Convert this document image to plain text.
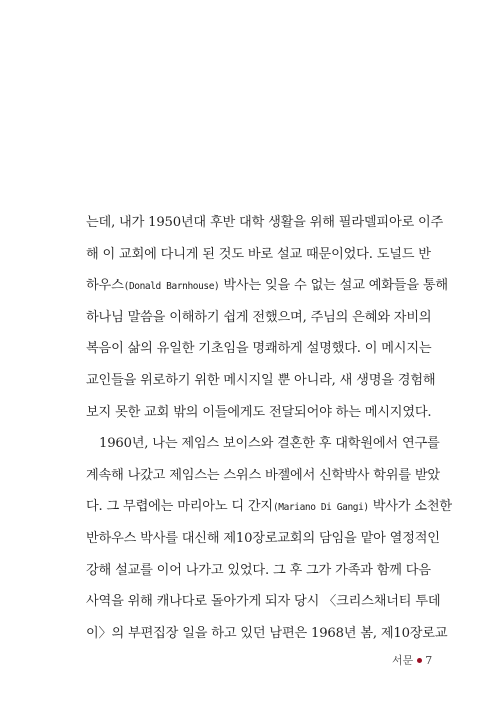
는데, 내가 1950년대 후반 대학 생활을 위해 필라델피아로 이주
해 이 교회에 다니게 된 것도 바로 설교 때문이었다. 도널드 반
하우스(Donald Barnhouse) 박사는 잊을 수 없는 설교 예화들을 통해
하나님 말씀을 이해하기 쉽게 전했으며, 주님의 은혜와 자비의
복음이 삶의 유일한 기초임을 명쾌하게 설명했다. 이 메시지는
교인들을 위로하기 위한 메시지일 뿐 아니라, 새 생명을 경험해
보지 못한 교회 밖의 이들에게도 전달되어야 하는 메시지였다.
1960년, 나는 제임스 보이스와 결혼한 후 대학원에서 연구를
계속해 나갔고 제임스는 스위스 바젤에서 신학박사 학위를 받았
다. 그 무렵에는 마리아노 디 간지(Mariano Di Gangi) 박사가 소천한
반하우스 박사를 대신해 제10장로교회의 담임을 맡아 열정적인
강해 설교를 이어 나가고 있었다. 그 후 그가 가족과 함께 다음
사역을 위해 캐나다로 돌아가게 되자 당시 〈크리스채너티 투데
이〉의 부편집장 일을 하고 있던 남편은 1968년 봄, 제10장로교
서문 7
